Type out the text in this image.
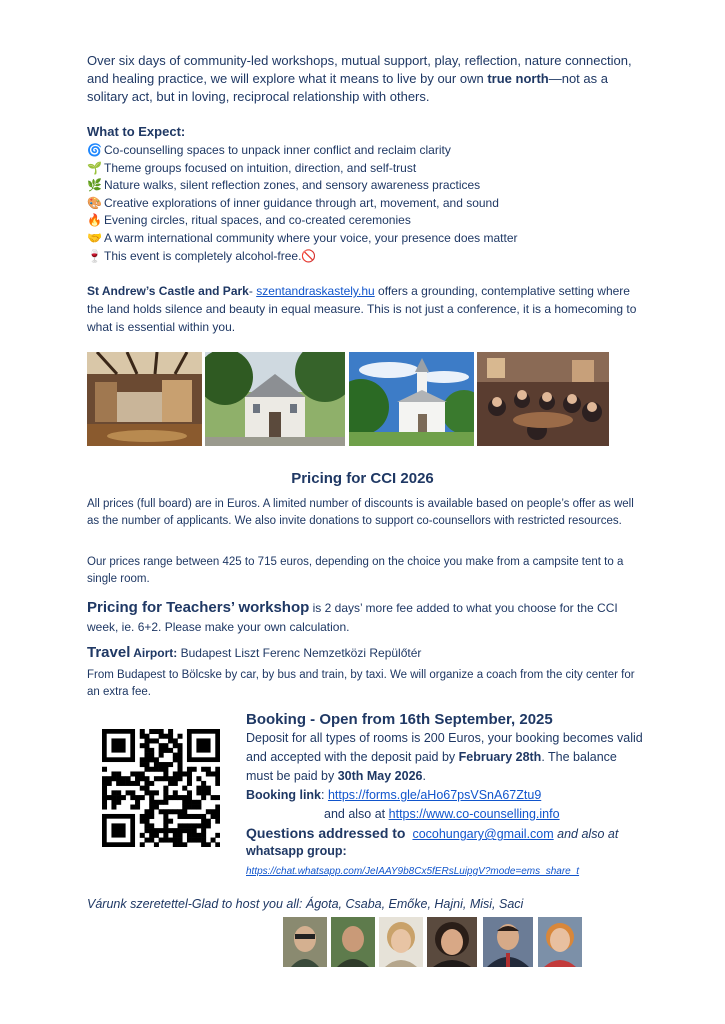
Over six days of community-led workshops, mutual support, play, reflection, nature connection, and healing practice, we will explore what it means to live by our own true north—not as a solitary act, but in loving, reciprocal relationship with others.

What to Expect:
🌀 Co-counselling spaces to unpack inner conflict and reclaim clarity
🌱 Theme groups focused on intuition, direction, and self-trust
🌿 Nature walks, silent reflection zones, and sensory awareness practices
🎨 Creative explorations of inner guidance through art, movement, and sound
🔥 Evening circles, ritual spaces, and co-created ceremonies
🤝 A warm international community where your voice, your presence does matter
🍷 This event is completely alcohol-free.🚫

St Andrew’s Castle and Park- szentandraskastely.hu offers a grounding, contemplative setting where the land holds silence and beauty in equal measure. This is not just a conference, it is a homecoming to what is essential within you.

Pricing for CCI 2026

All prices (full board) are in Euros. A limited number of discounts is available based on people’s offer as well as the number of applicants. We also invite donations to support co-counsellors with restricted resources.

Our prices range between 425 to 715 euros, depending on the choice you make from a campsite tent to a single room.

Pricing for Teachers’ workshop is 2 days’ more fee added to what you choose for the CCI week, ie. 6+2. Please make your own calculation.

Travel Airport: Budapest Liszt Ferenc Nemzetközi Repülőtér

From Budapest to Bölcske by car, by bus and train, by taxi. We will organize a coach from the city center for an extra fee.

Booking - Open from 16th September, 2025
Deposit for all types of rooms is 200 Euros, your booking becomes valid and accepted with the deposit paid by February 28th. The balance must be paid by 30th May 2026.
Booking link: https://forms.gle/aHo67psVSnA67Ztu9
and also at https://www.co-counselling.info
Questions addressed to cocohungary@gmail.com and also at
whatsapp group:
https://chat.whatsapp.com/JeIAAY9b8Cx5fERsLuipgV?mode=ems_share_t
Várunk szeretettel-Glad to host you all: Ágota, Csaba, Emőke, Hajni, Misi, Saci
